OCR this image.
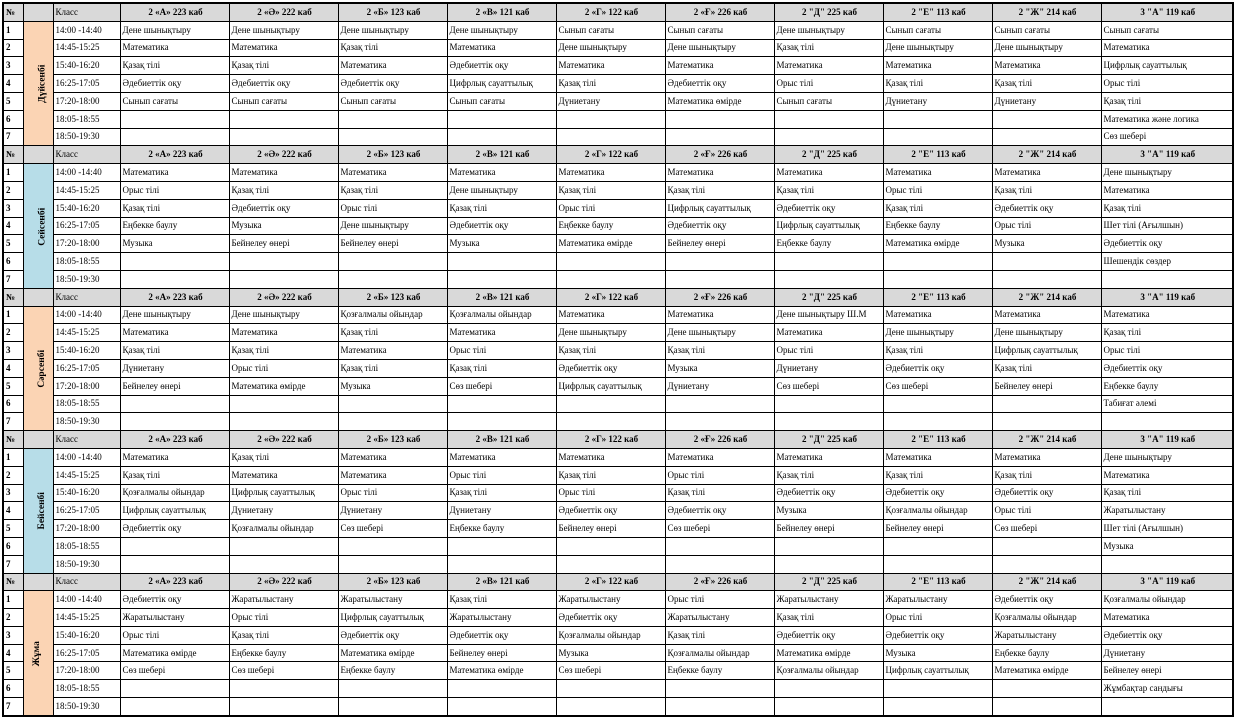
№		Класс	2 «А» 223 каб	2 «Ә» 222 каб	2 «Б» 123 каб	2 «В» 121 каб	2 «Г» 122 каб	2 «Ғ» 226 каб	2 "Д" 225 каб	2 "Е" 113 каб	2 "Ж" 214 каб	3 "А" 119 каб
1	Дүйсенбі	14:00 -14:40	Дене шынықтыру	Дене шынықтыру	Дене шынықтыру	Дене шынықтыру	Сынып сағаты	Сынып сағаты	Дене шынықтыру	Сынып сағаты	Сынып сағаты	Сынып сағаты
2		14:45-15:25	Математика	Математика	Қазақ тілі	Математика	Дене шынықтыру	Дене шынықтыру	Қазақ тілі	Дене шынықтыру	Дене шынықтыру	Математика
3		15:40-16:20	Қазақ тілі	Қазақ тілі	Математика	Әдебиеттік оқу	Математика	Математика	Математика	Математика	Математика	Цифрлық сауаттылық
4		16:25-17:05	Әдебиеттік оқу	Әдебиеттік оқу	Әдебиеттік оқу	Цифрлық сауаттылық	Қазақ тілі	Әдебиеттік оқу	Орыс тілі	Қазақ тілі	Қазақ тілі	Орыс тілі
5		17:20-18:00	Сынып сағаты	Сынып сағаты	Сынып сағаты	Сынып сағаты	Дүниетану	Математика өмірде	Сынып сағаты	Дүниетану	Дүниетану	Қазақ тілі
6		18:05-18:55										Математика және логика
7		18:50-19:30										Сөз шебері
№		Класс	2 «А» 223 каб	2 «Ә» 222 каб	2 «Б» 123 каб	2 «В» 121 каб	2 «Г» 122 каб	2 «Ғ» 226 каб	2 "Д" 225 каб	2 "Е" 113 каб	2 "Ж" 214 каб	3 "А" 119 каб
1	Сейсенбі	14:00 -14:40	Математика	Математика	Математика	Математика	Математика	Математика	Математика	Математика	Математика	Дене шынықтыру
2		14:45-15:25	Орыс тілі	Қазақ тілі	Қазақ тілі	Дене шынықтыру	Қазақ тілі	Қазақ тілі	Қазақ тілі	Орыс тілі	Қазақ тілі	Математика
3		15:40-16:20	Қазақ тілі	Әдебиеттік оқу	Орыс тілі	Қазақ тілі	Орыс тілі	Цифрлық сауаттылық	Әдебиеттік оқу	Қазақ тілі	Әдебиеттік оқу	Қазақ тілі
4		16:25-17:05	Еңбекке баулу	Музыка	Дене шынықтыру	Әдебиеттік оқу	Еңбекке баулу	Әдебиеттік оқу	Цифрлық сауаттылық	Еңбекке баулу	Орыс тілі	Шет тілі (Ағылшын)
5		17:20-18:00	Музыка	Бейнелеу өнері	Бейнелеу өнері	Музыка	Математика өмірде	Бейнелеу өнері	Еңбекке баулу	Математика өмірде	Музыка	Әдебиеттік оқу
6		18:05-18:55										Шешендік сөздер
7		18:50-19:30										
№		Класс	2 «А» 223 каб	2 «Ә» 222 каб	2 «Б» 123 каб	2 «В» 121 каб	2 «Г» 122 каб	2 «Ғ» 226 каб	2 "Д" 225 каб	2 "Е" 113 каб	2 "Ж" 214 каб	3 "А" 119 каб
1	Сәрсенбі	14:00 -14:40	Дене шынықтыру	Дене шынықтыру	Қозғалмалы ойындар	Қозғалмалы ойындар	Математика	Математика	Дене шынықтыру Ш.М	Математика	Математика	Математика
2		14:45-15:25	Математика	Математика	Қазақ тілі	Математика	Дене шынықтыру	Дене шынықтыру	Математика	Дене шынықтыру	Дене шынықтыру	Қазақ тілі
3		15:40-16:20	Қазақ тілі	Қазақ тілі	Математика	Орыс тілі	Қазақ тілі	Қазақ тілі	Орыс тілі	Қазақ тілі	Цифрлық сауаттылық	Орыс тілі
4		16:25-17:05	Дүниетану	Орыс тілі	Қазақ тілі	Қазақ тілі	Әдебиеттік оқу	Музыка	Дүниетану	Әдебиеттік оқу	Қазақ тілі	Әдебиеттік оқу
5		17:20-18:00	Бейнелеу өнері	Математика өмірде	Музыка	Сөз шебері	Цифрлық сауаттылық	Дүниетану	Сөз шебері	Сөз шебері	Бейнелеу өнері	Еңбекке баулу
6		18:05-18:55										Табиғат әлемі
7		18:50-19:30										
№		Класс	2 «А» 223 каб	2 «Ә» 222 каб	2 «Б» 123 каб	2 «В» 121 каб	2 «Г» 122 каб	2 «Ғ» 226 каб	2 "Д" 225 каб	2 "Е" 113 каб	2 "Ж" 214 каб	3 "А" 119 каб
1	Бейсенбі	14:00 -14:40	Математика	Қазақ тілі	Математика	Математика	Математика	Математика	Математика	Математика	Математика	Дене шынықтыру
2		14:45-15:25	Қазақ тілі	Математика	Математика	Орыс тілі	Қазақ тілі	Орыс тілі	Қазақ тілі	Қазақ тілі	Қазақ тілі	Математика
3		15:40-16:20	Қозғалмалы ойындар	Цифрлық сауаттылық	Орыс тілі	Қазақ тілі	Орыс тілі	Қазақ тілі	Әдебиеттік оқу	Әдебиеттік оқу	Әдебиеттік оқу	Қазақ тілі
4		16:25-17:05	Цифрлық сауаттылық	Дүниетану	Дүниетану	Дүниетану	Әдебиеттік оқу	Әдебиеттік оқу	Музыка	Қозғалмалы ойындар	Орыс тілі	Жаратылыстану
5		17:20-18:00	Әдебиеттік оқу	Қозғалмалы ойындар	Сөз шебері	Еңбекке баулу	Бейнелеу өнері	Сөз шебері	Бейнелеу өнері	Бейнелеу өнері	Сөз шебері	Шет тілі (Ағылшын)
6		18:05-18:55										Музыка
7		18:50-19:30										
№		Класс	2 «А» 223 каб	2 «Ә» 222 каб	2 «Б» 123 каб	2 «В» 121 каб	2 «Г» 122 каб	2 «Ғ» 226 каб	2 "Д" 225 каб	2 "Е" 113 каб	2 "Ж" 214 каб	3 "А" 119 каб
1	Жұма	14:00 -14:40	Әдебиеттік оқу	Жаратылыстану	Жаратылыстану	Қазақ тілі	Жаратылыстану	Орыс тілі	Жаратылыстану	Жаратылыстану	Әдебиеттік оқу	Қозғалмалы ойындар
2		14:45-15:25	Жаратылыстану	Орыс тілі	Цифрлық сауаттылық	Жаратылыстану	Әдебиеттік оқу	Жаратылыстану	Қазақ тілі	Орыс тілі	Қозғалмалы ойындар	Математика
3		15:40-16:20	Орыс тілі	Қазақ тілі	Әдебиеттік оқу	Әдебиеттік оқу	Қозғалмалы ойындар	Қазақ тілі	Әдебиеттік оқу	Әдебиеттік оқу	Жаратылыстану	Әдебиеттік оқу
4		16:25-17:05	Математика өмірде	Еңбекке баулу	Математика өмірде	Бейнелеу өнері	Музыка	Қозғалмалы ойындар	Математика өмірде	Музыка	Еңбекке баулу	Дүниетану
5		17:20-18:00	Сөз шебері	Сөз шебері	Еңбекке баулу	Математика өмірде	Сөз шебері	Еңбекке баулу	Қозғалмалы ойындар	Цифрлық сауаттылық	Математика өмірде	Бейнелеу өнері
6		18:05-18:55										Жұмбақтар сандығы
7		18:50-19:30										
